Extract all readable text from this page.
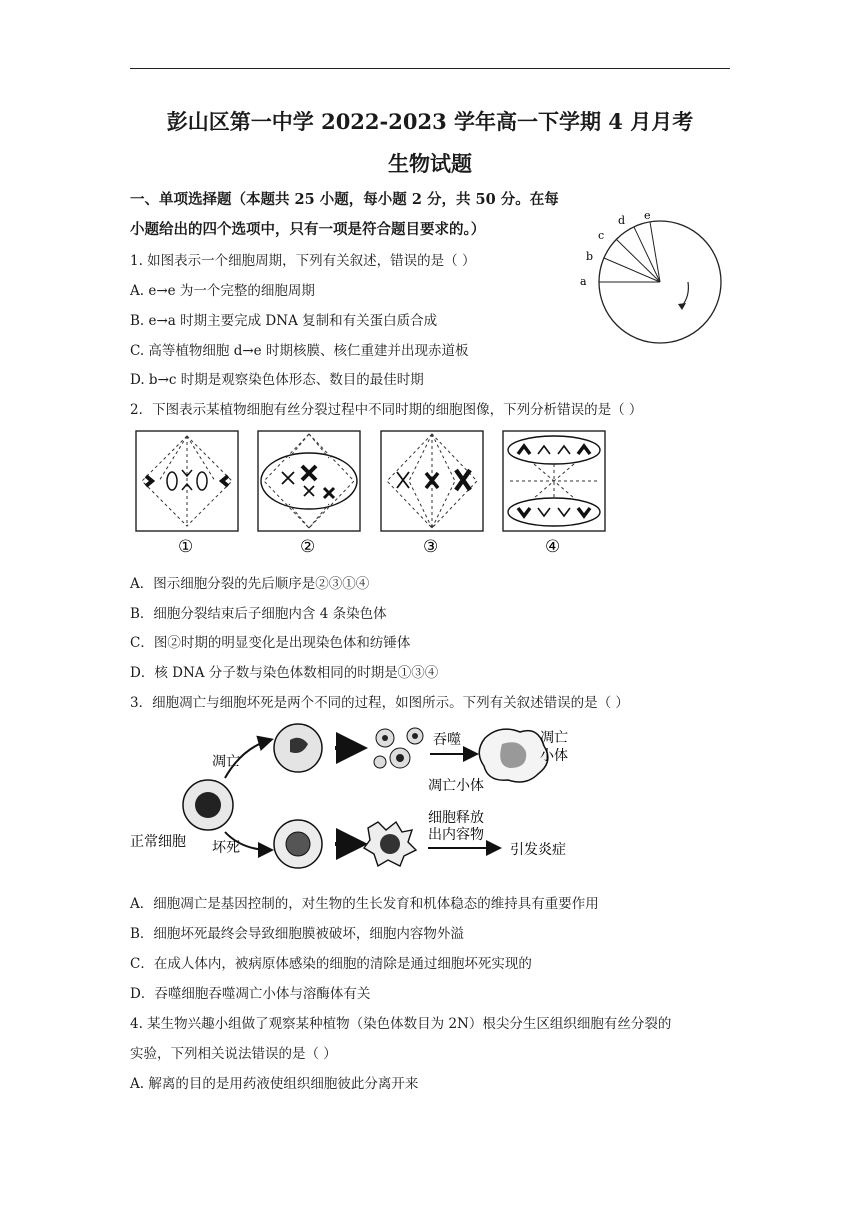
彭山区第一中学 2022-2023 学年高一下学期 4 月月考
生物试题
一、单项选择题（本题共 25 小题，每小题 2 分，共 50 分。在每
小题给出的四个选项中，只有一项是符合题目要求的。）
1. 如图表示一个细胞周期，下列有关叙述，错误的是（ ）
A. e→e 为一个完整的细胞周期
B. e→a 时期主要完成 DNA 复制和有关蛋白质合成
C. 高等植物细胞 d→e 时期核膜、核仁重建并出现赤道板
D. b→c 时期是观察染色体形态、数目的最佳时期
a
b
c
d e
2．下图表示某植物细胞有丝分裂过程中不同时期的细胞图像，下列分析错误的是（ ）
①	②	③	④
A．图示细胞分裂的先后顺序是②③①④
B．细胞分裂结束后子细胞内含 4 条染色体
C．图②时期的明显变化是出现染色体和纺锤体
D．核 DNA 分子数与染色体数相同的时期是①③④
3．细胞凋亡与细胞坏死是两个不同的过程，如图所示。下列有关叙述错误的是（ ）
正常细胞
凋亡
吞噬	凋亡
小体
凋亡小体
坏死
细胞释放
出内容物
引发炎症
A．细胞凋亡是基因控制的，对生物的生长发育和机体稳态的维持具有重要作用
B．细胞坏死最终会导致细胞膜被破坏，细胞内容物外溢
C．在成人体内，被病原体感染的细胞的清除是通过细胞坏死实现的
D．吞噬细胞吞噬凋亡小体与溶酶体有关
4. 某生物兴趣小组做了观察某种植物（染色体数目为 2N）根尖分生区组织细胞有丝分裂的
实验，下列相关说法错误的是（ ）
A. 解离的目的是用药液使组织细胞彼此分离开来
